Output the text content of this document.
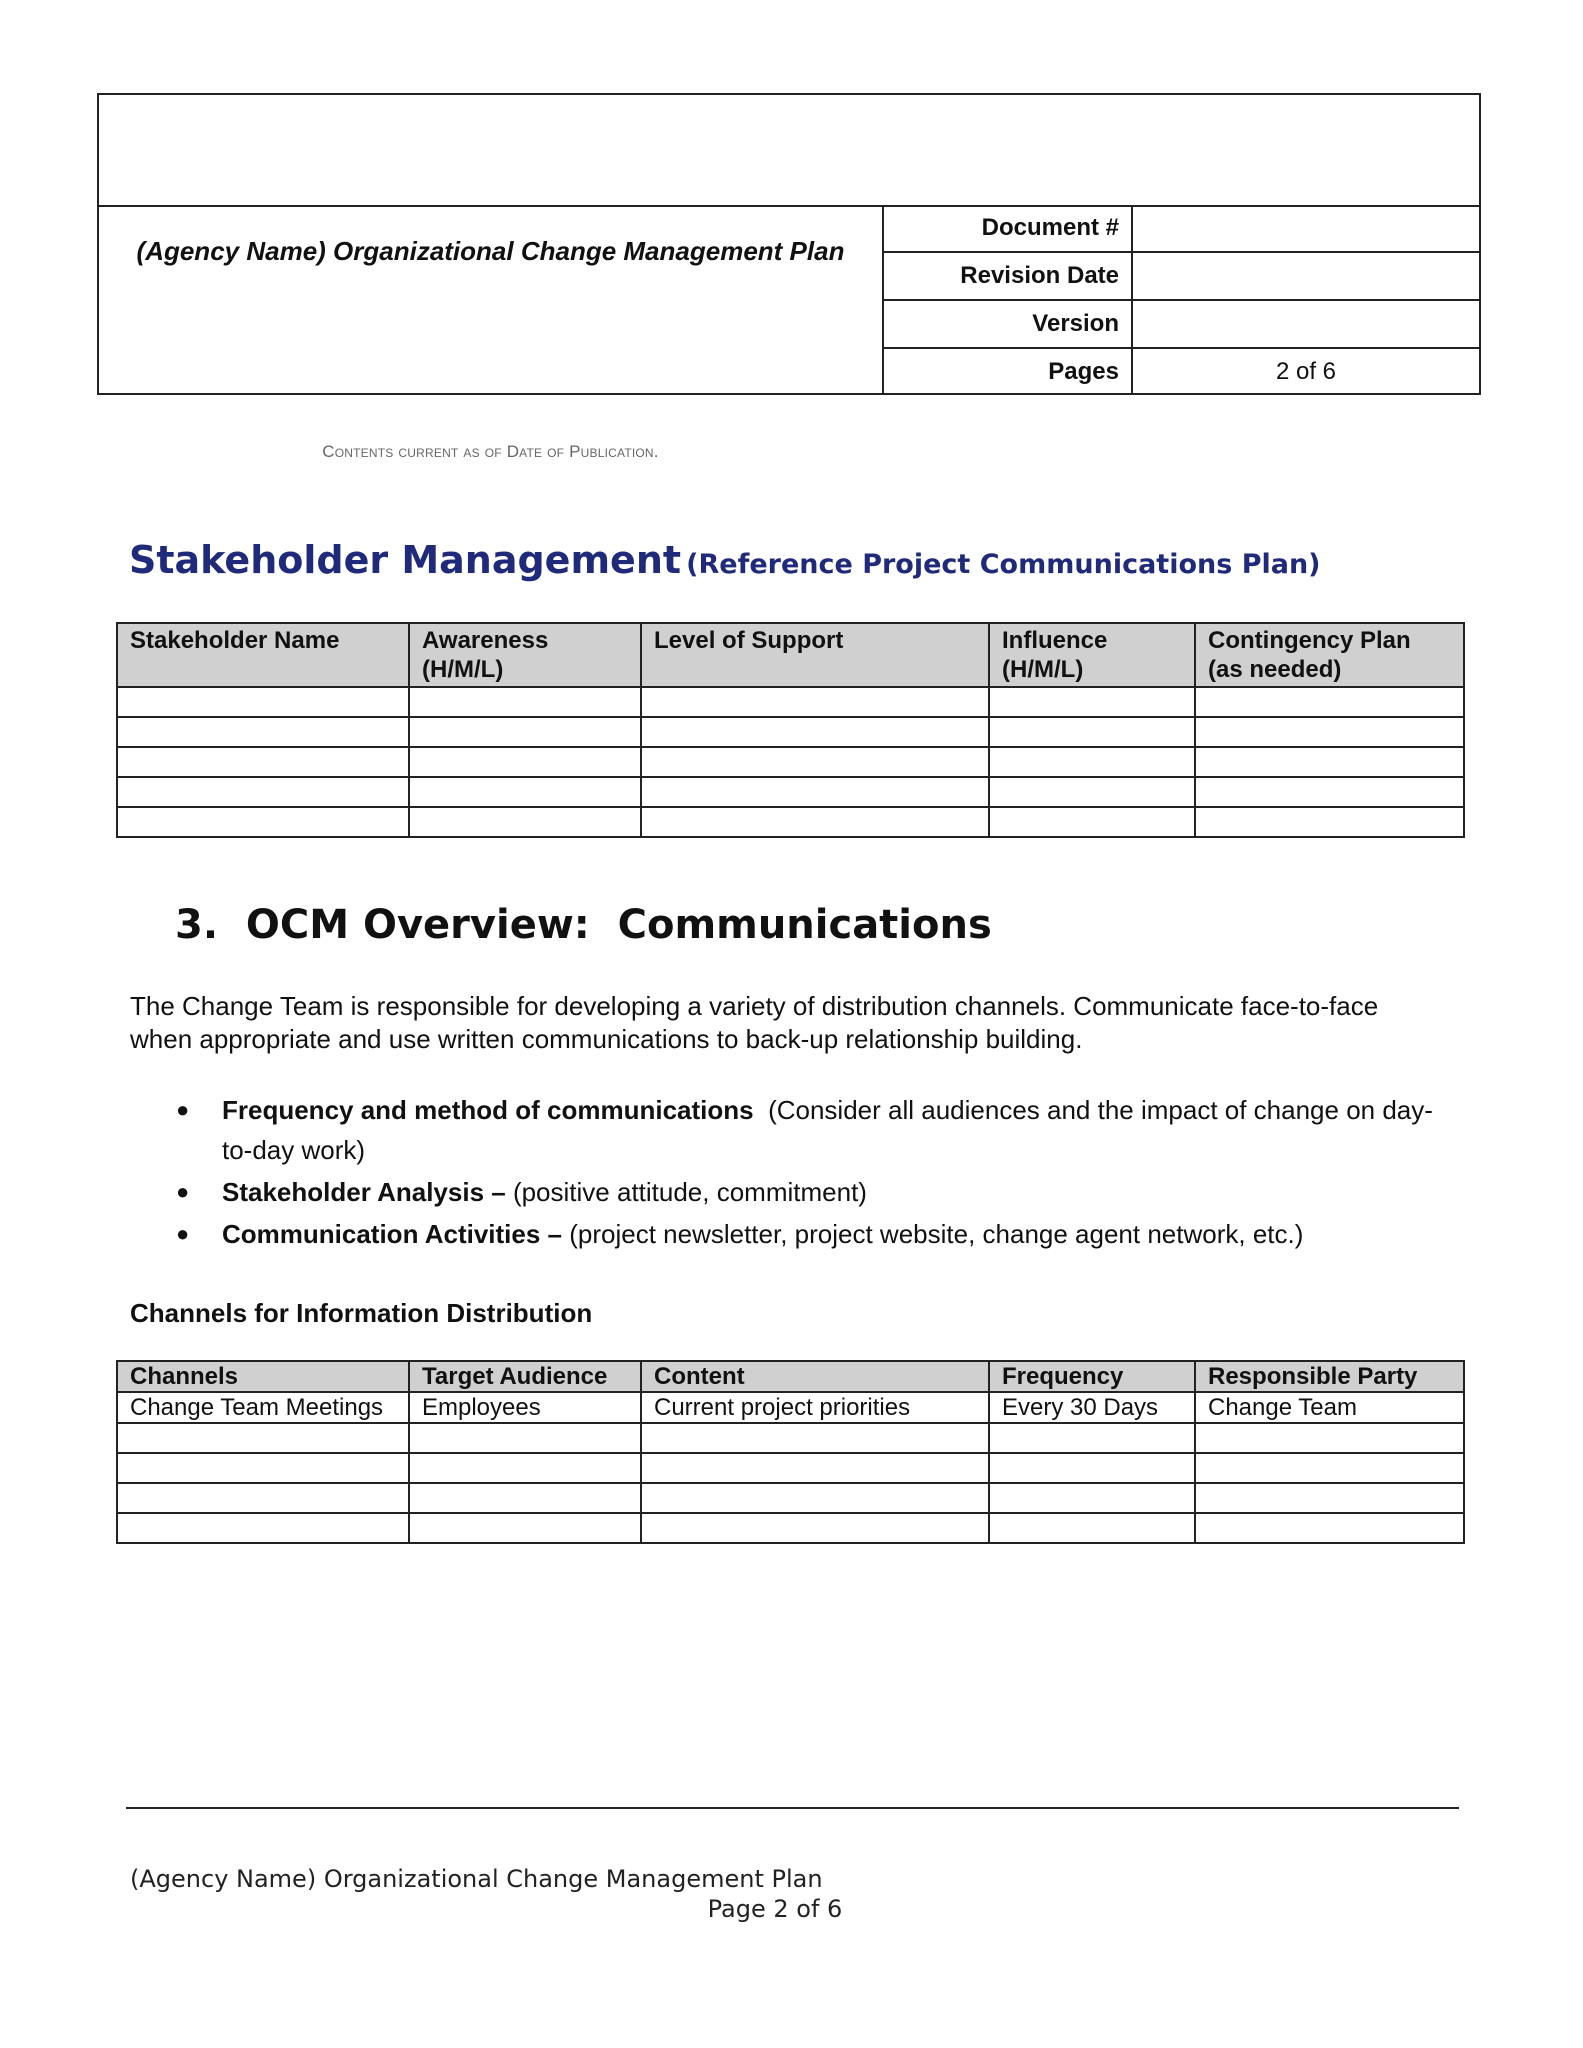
(Agency Name) Organizational Change Management Plan
Contents current as of Date of Publication.
Document #
Revision Date
Version
Pages	2 of 6
Stakeholder Management (Reference Project Communications Plan)
Stakeholder Name	Awareness (H/M/L)	Level of Support	Influence (H/M/L)	Contingency Plan (as needed)

3.  OCM Overview:  Communications
The Change Team is responsible for developing a variety of distribution channels. Communicate face-to-face when appropriate and use written communications to back-up relationship building.
● Frequency and method of communications  (Consider all audiences and the impact of change on day-to-day work)
● Stakeholder Analysis – (positive attitude, commitment)
● Communication Activities – (project newsletter, project website, change agent network, etc.)
Channels for Information Distribution
Channels	Target Audience	Content	Frequency	Responsible Party
Change Team Meetings	Employees	Current project priorities	Every 30 Days	Change Team

(Agency Name) Organizational Change Management Plan
Page 2 of 6
